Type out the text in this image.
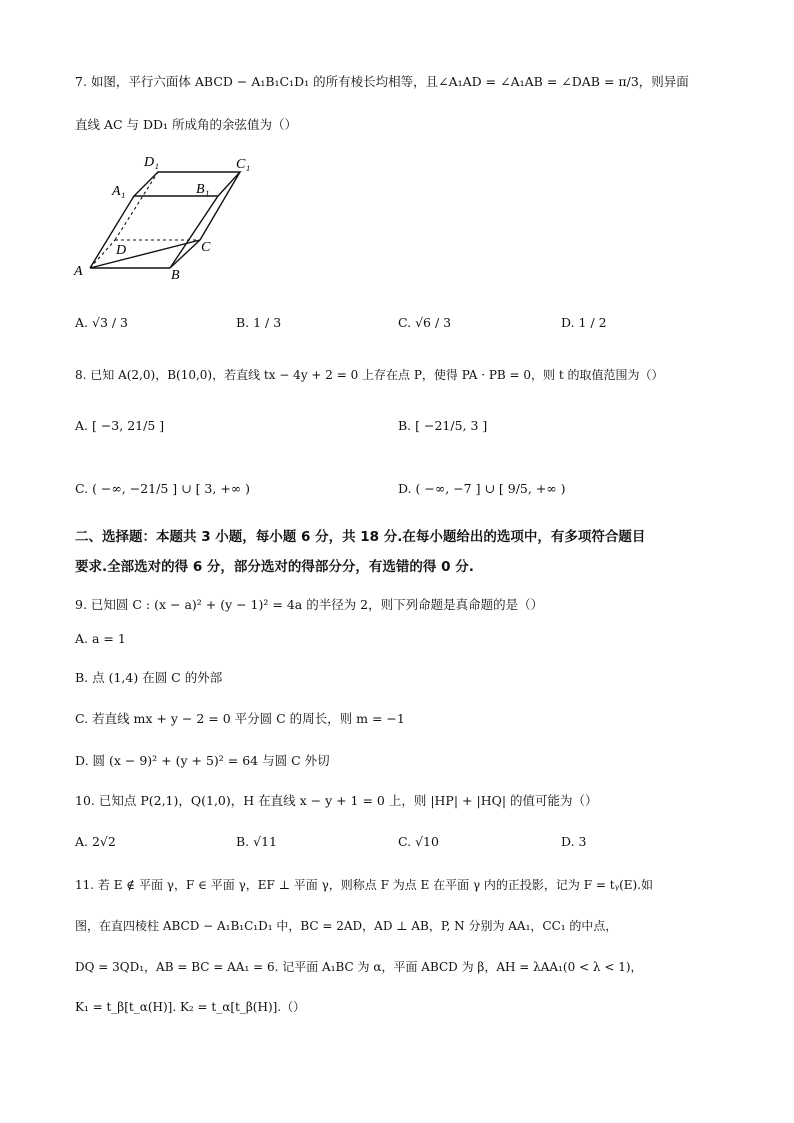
7. 如图，平行六面体 ABCD − A₁B₁C₁D₁ 的所有棱长均相等，且∠A₁AD = ∠A₁AB = ∠DAB = π/3，则异面
直线 AC 与 DD₁ 所成角的余弦值为（）
D₁	C₁
A₁	B₁
D	C
A	B
A. √3 / 3	B. 1 / 3	C. √6 / 3	D. 1 / 2
8. 已知 A(2,0)，B(10,0)，若直线 tx − 4y + 2 = 0 上存在点 P，使得 PA · PB = 0，则 t 的取值范围为（）
A. [ −3, 21/5 ]	B. [ −21/5, 3 ]
C. ( −∞, −21/5 ] ∪ [ 3, +∞ )	D. ( −∞, −7 ] ∪ [ 9/5, +∞ )
二、选择题：本题共 3 小题，每小题 6 分，共 18 分.在每小题给出的选项中，有多项符合题目
要求.全部选对的得 6 分，部分选对的得部分分，有选错的得 0 分.
9. 已知圆 C : (x − a)² + (y − 1)² = 4a 的半径为 2，则下列命题是真命题的是（）
A. a = 1
B. 点 (1,4) 在圆 C 的外部
C. 若直线 mx + y − 2 = 0 平分圆 C 的周长，则 m = −1
D. 圆 (x − 9)² + (y + 5)² = 64 与圆 C 外切
10. 已知点 P(2,1)，Q(1,0)，H 在直线 x − y + 1 = 0 上，则 |HP| + |HQ| 的值可能为（）
A. 2√2	B. √11	C. √10	D. 3
11. 若 E ∉ 平面 γ，F ∈ 平面 γ，EF ⊥ 平面 γ，则称点 F 为点 E 在平面 γ 内的正投影，记为 F = tᵧ(E).如
图，在直四棱柱 ABCD − A₁B₁C₁D₁ 中，BC = 2AD，AD ⊥ AB，P, N 分别为 AA₁，CC₁ 的中点，
DQ = 3QD₁，AB = BC = AA₁ = 6. 记平面 A₁BC 为 α，平面 ABCD 为 β，AH = λAA₁(0 < λ < 1)，
K₁ = t_β[t_α(H)]. K₂ = t_α[t_β(H)].（）
